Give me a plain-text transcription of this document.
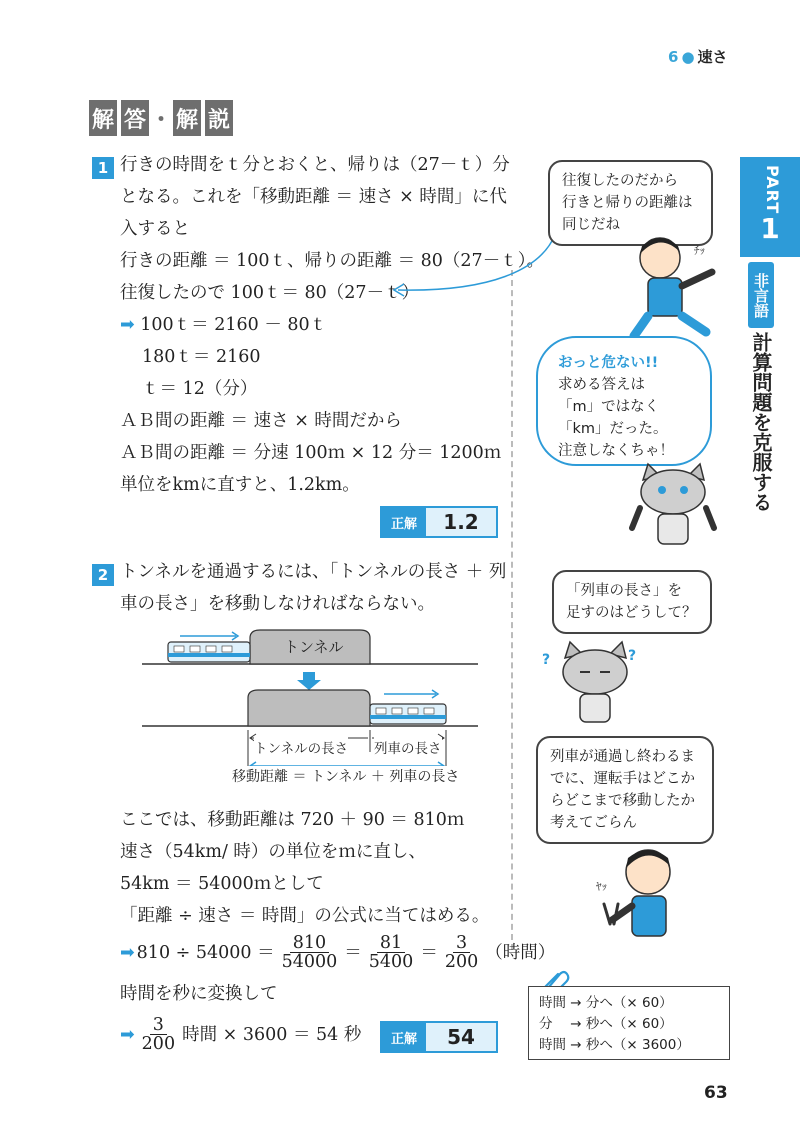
6 ● 速さ
PART
1
非言語
計算問題を克服する
解 答 ・ 解 説
1 行きの時間をｔ分とおくと、帰りは（27－ｔ）分
となる。これを「移動距離 ＝ 速さ × 時間」に代
入すると
行きの距離 ＝ 100ｔ、帰りの距離 ＝ 80（27－ｔ）。
往復したので 100ｔ＝ 80（27－ｔ）
➡ 100ｔ＝ 2160 － 80ｔ
180ｔ＝ 2160
ｔ＝ 12（分）
ＡＢ間の距離 ＝ 速さ × 時間だから
ＡＢ間の距離 ＝ 分速 100ｍ × 12 分＝ 1200ｍ
単位をkmに直すと、1.2km。
正解	1.2
往復したのだから
行きと帰りの距離は
同じだね
ﾁｯ
おっと危ない!!
求める答えは
「m」ではなく
「km」だった。
注意しなくちゃ！
2 トンネルを通過するには、「トンネルの長さ ＋ 列
車の長さ」を移動しなければならない。
「列車の長さ」を
足すのはどうして？
?	?
トンネル
トンネルの長さ 列車の長さ
移動距離 ＝ トンネル ＋ 列車の長さ
ここでは、移動距離は 720 ＋ 90 ＝ 810ｍ
速さ（54km/ 時）の単位をｍに直し、
54km ＝ 54000ｍとして
「距離 ÷ 速さ ＝ 時間」の公式に当てはめる。
➡ $810 \div 54000 = \frac{810}{54000} = \frac{81}{5400} = \frac{3}{200}$ （時間）
時間を秒に変換して
➡ $\frac{3}{200}$ 時間 × 3600 ＝ 54 秒	正解	54
列車が通過し終わるま
でに、運転手はどこか
らどこまで移動したか
考えてごらん
ﾔｯ
時間 → 分へ（× 60）
分　 → 秒へ（× 60）
時間 → 秒へ（× 3600）
63
